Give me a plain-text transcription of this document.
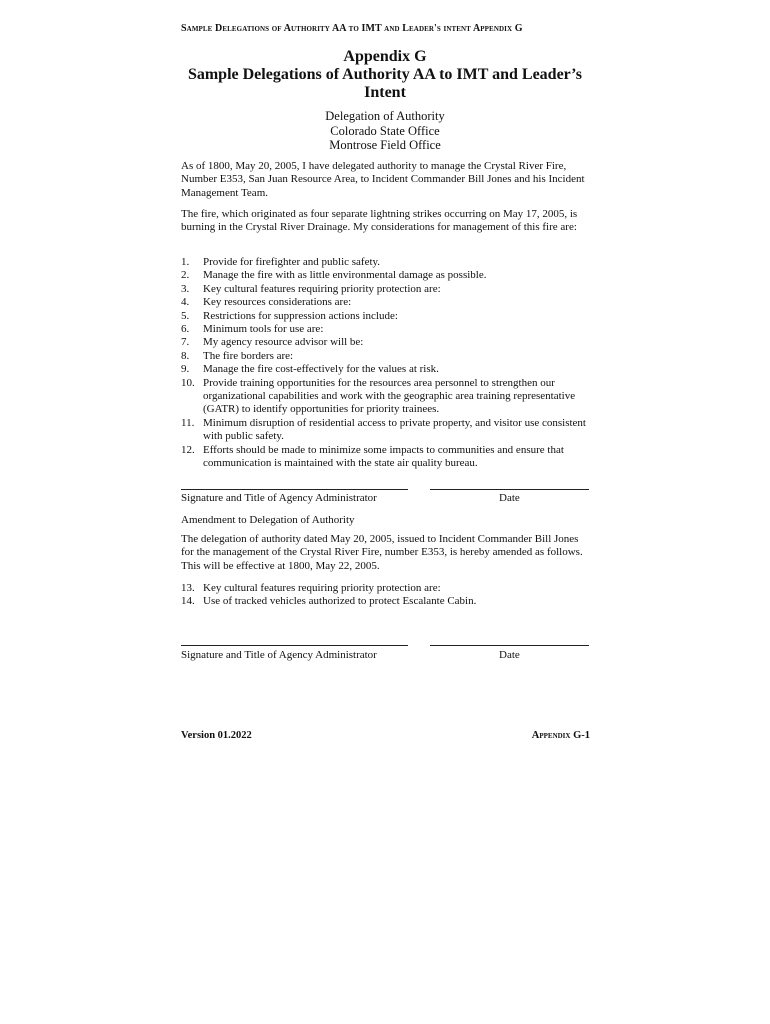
Sample Delegations of Authority AA to IMT and Leader's intent Appendix G
Appendix G
Sample Delegations of Authority AA to IMT and Leader’s
Intent
Delegation of Authority
Colorado State Office
Montrose Field Office
As of 1800, May 20, 2005, I have delegated authority to manage the Crystal River Fire, Number E353, San Juan Resource Area, to Incident Commander Bill Jones and his Incident Management Team.
The fire, which originated as four separate lightning strikes occurring on May 17, 2005, is burning in the Crystal River Drainage. My considerations for management of this fire are:
1.	Provide for firefighter and public safety.
2.	Manage the fire with as little environmental damage as possible.
3.	Key cultural features requiring priority protection are:
4.	Key resources considerations are:
5.	Restrictions for suppression actions include:
6.	Minimum tools for use are:
7.	My agency resource advisor will be:
8.	The fire borders are:
9.	Manage the fire cost-effectively for the values at risk.
10. Provide training opportunities for the resources area personnel to strengthen our organizational capabilities and work with the geographic area training representative (GATR) to identify opportunities for priority trainees.
11. Minimum disruption of residential access to private property, and visitor use consistent with public safety.
12. Efforts should be made to minimize some impacts to communities and ensure that communication is maintained with the state air quality bureau.
Signature and Title of Agency Administrator	Date
Amendment to Delegation of Authority
The delegation of authority dated May 20, 2005, issued to Incident Commander Bill Jones for the management of the Crystal River Fire, number E353, is hereby amended as follows. This will be effective at 1800, May 22, 2005.
13. Key cultural features requiring priority protection are:
14. Use of tracked vehicles authorized to protect Escalante Cabin.
Signature and Title of Agency Administrator	Date
Version 01.2022	Appendix G-1
